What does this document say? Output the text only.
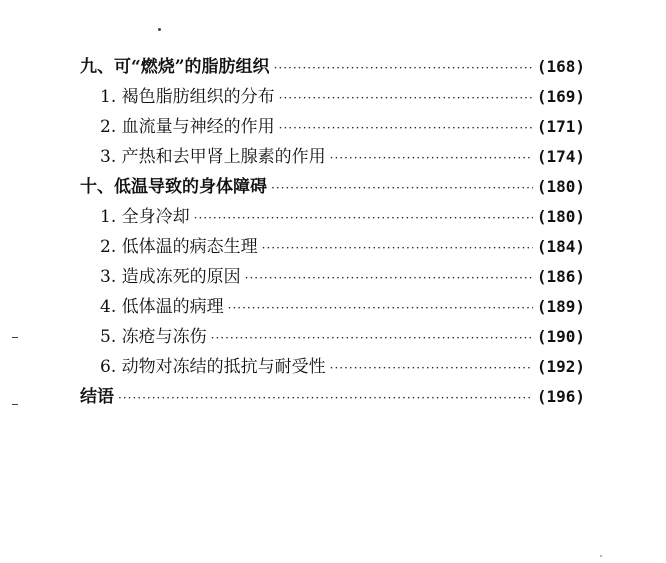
九、可“燃烧”的脂肪组织 ·····	(168)
1. 褐色脂肪组织的分布 ·····	(169)
2. 血流量与神经的作用 ·····	(171)
3. 产热和去甲肾上腺素的作用 ·····	(174)
十、低温导致的身体障碍 ·····	(180)
1. 全身冷却 ·····	(180)
2. 低体温的病态生理 ·····	(184)
3. 造成冻死的原因 ·····	(186)
4. 低体温的病理 ·····	(189)
5. 冻疮与冻伤 ·····	(190)
6. 动物对冻结的抵抗与耐受性 ·····	(192)
结语 ·····	(196)
